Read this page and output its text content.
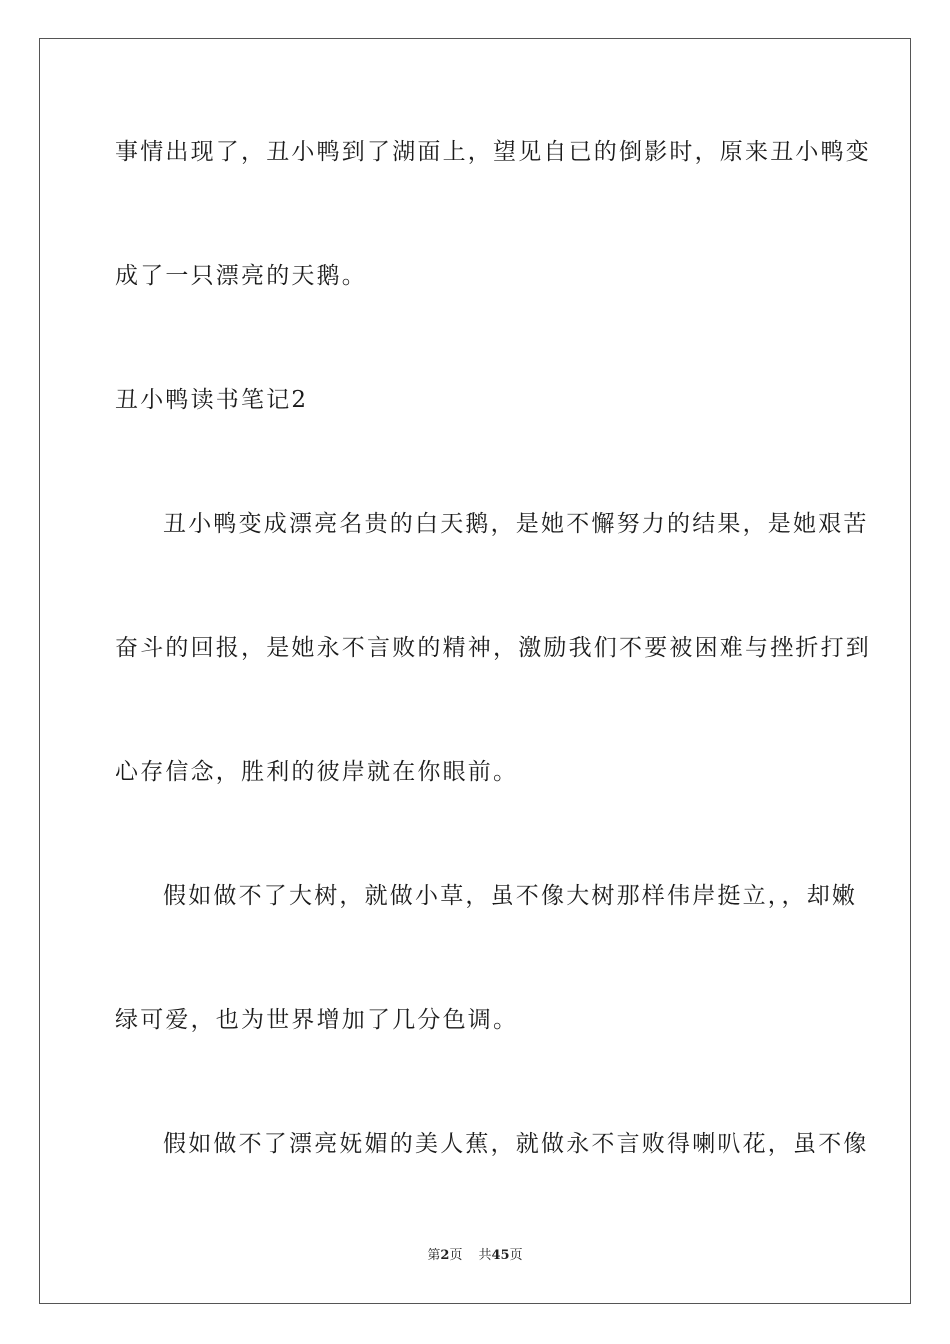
事情出现了，丑小鸭到了湖面上，望见自已的倒影时，原来丑小鸭变
成了一只漂亮的天鹅。
丑小鸭读书笔记2
丑小鸭变成漂亮名贵的白天鹅，是她不懈努力的结果，是她艰苦
奋斗的回报，是她永不言败的精神，激励我们不要被困难与挫折打到
心存信念，胜利的彼岸就在你眼前。
假如做不了大树，就做小草，虽不像大树那样伟岸挺立，，却嫩
绿可爱，也为世界增加了几分色调。
假如做不了漂亮妩媚的美人蕉，就做永不言败得喇叭花，虽不像
第2页 共45页
